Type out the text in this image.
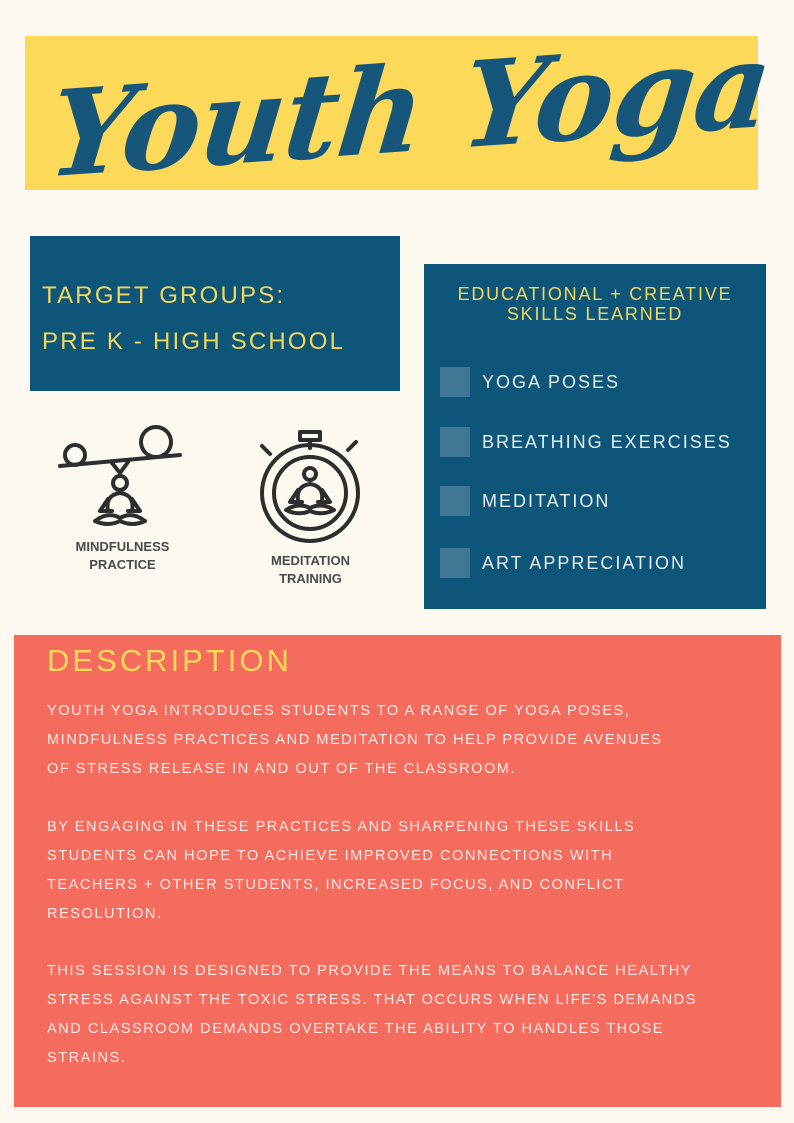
Youth Yoga

TARGET GROUPS:

PRE K - HIGH SCHOOL

MINDFULNESS
PRACTICE	MEDITATION
TRAINING

EDUCATIONAL + CREATIVE
SKILLS LEARNED
YOGA POSES
BREATHING EXERCISES
MEDITATION
ART APPRECIATION
DESCRIPTION

YOUTH YOGA INTRODUCES STUDENTS TO A RANGE OF YOGA POSES,
MINDFULNESS PRACTICES AND MEDITATION TO HELP PROVIDE AVENUES
OF STRESS RELEASE IN AND OUT OF THE CLASSROOM.

BY ENGAGING IN THESE PRACTICES AND SHARPENING THESE SKILLS
STUDENTS CAN HOPE TO ACHIEVE IMPROVED CONNECTIONS WITH
TEACHERS + OTHER STUDENTS, INCREASED FOCUS, AND CONFLICT
RESOLUTION.

THIS SESSION IS DESIGNED TO PROVIDE THE MEANS TO BALANCE HEALTHY
STRESS AGAINST THE TOXIC STRESS. THAT OCCURS WHEN LIFE'S DEMANDS
AND CLASSROOM DEMANDS OVERTAKE THE ABILITY TO HANDLES THOSE
STRAINS.
